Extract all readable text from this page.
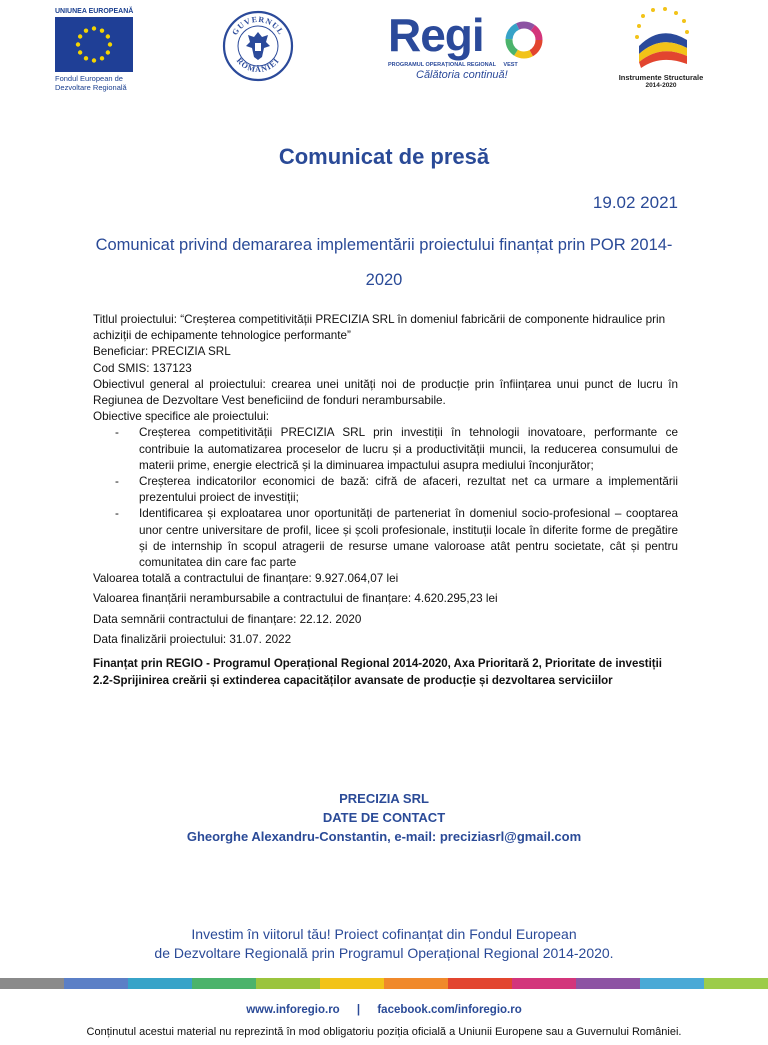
UNIUNEA EUROPEANĂ
Fondul European de
Dezvoltare Regională
GUVERNUL
ROMÂNIEI Regi
PROGRAMUL OPERAȚIONAL REGIONAL VEST
Călătoria continuă!	Instrumente Structurale
2014-2020
Comunicat de presă
19.02 2021
Comunicat privind demararea implementării proiectului finanțat prin POR 2014-2020

Titlul proiectului: “Creșterea competitivității PRECIZIA SRL în domeniul fabricării de componente hidraulice prin achiziții de echipamente tehnologice performante”

Beneficiar: PRECIZIA SRL

Cod SMIS: 137123

Obiectivul general al proiectului: crearea unei unități noi de producție prin înființarea unui punct de lucru în Regiunea de Dezvoltare Vest beneficiind de fonduri nerambursabile.

Obiective specifice ale proiectului:

- Creșterea competitivității PRECIZIA SRL prin investiții în tehnologii inovatoare, performante ce contribuie la automatizarea proceselor de lucru și a productivității muncii, la reducerea consumului de materii prime, energie electrică și la diminuarea impactului asupra mediului înconjurător;
- Creșterea indicatorilor economici de bază: cifră de afaceri, rezultat net ca urmare a implementării prezentului proiect de investiții;
- Identificarea și exploatarea unor oportunități de parteneriat în domeniul socio-profesional – cooptarea unor centre universitare de profil, licee și școli profesionale, instituții locale în diferite forme de pregătire și de internship în scopul atragerii de resurse umane valoroase atât pentru societate, cât și pentru comunitatea din care fac parte

Valoarea totală a contractului de finanțare: 9.927.064,07 lei

Valoarea finanțării nerambursabile a contractului de finanțare: 4.620.295,23 lei

Data semnării contractului de finanțare: 22.12. 2020

Data finalizării proiectului: 31.07. 2022

Finanțat prin REGIO - Programul Operațional Regional 2014-2020, Axa Prioritară 2, Prioritate de investiții 2.2-Sprijinirea creării și extinderea capacităților avansate de producție și dezvoltarea serviciilor
PRECIZIA SRL
DATE DE CONTACT
Gheorghe Alexandru-Constantin, e-mail: preciziasrl@gmail.com
Investim în viitorul tău! Proiect cofinanțat din Fondul European
de Dezvoltare Regională prin Programul Operațional Regional 2014-2020.
www.inforegio.ro | facebook.com/inforegio.ro
Conținutul acestui material nu reprezintă în mod obligatoriu poziția oficială a Uniunii Europene sau a Guvernului României.
